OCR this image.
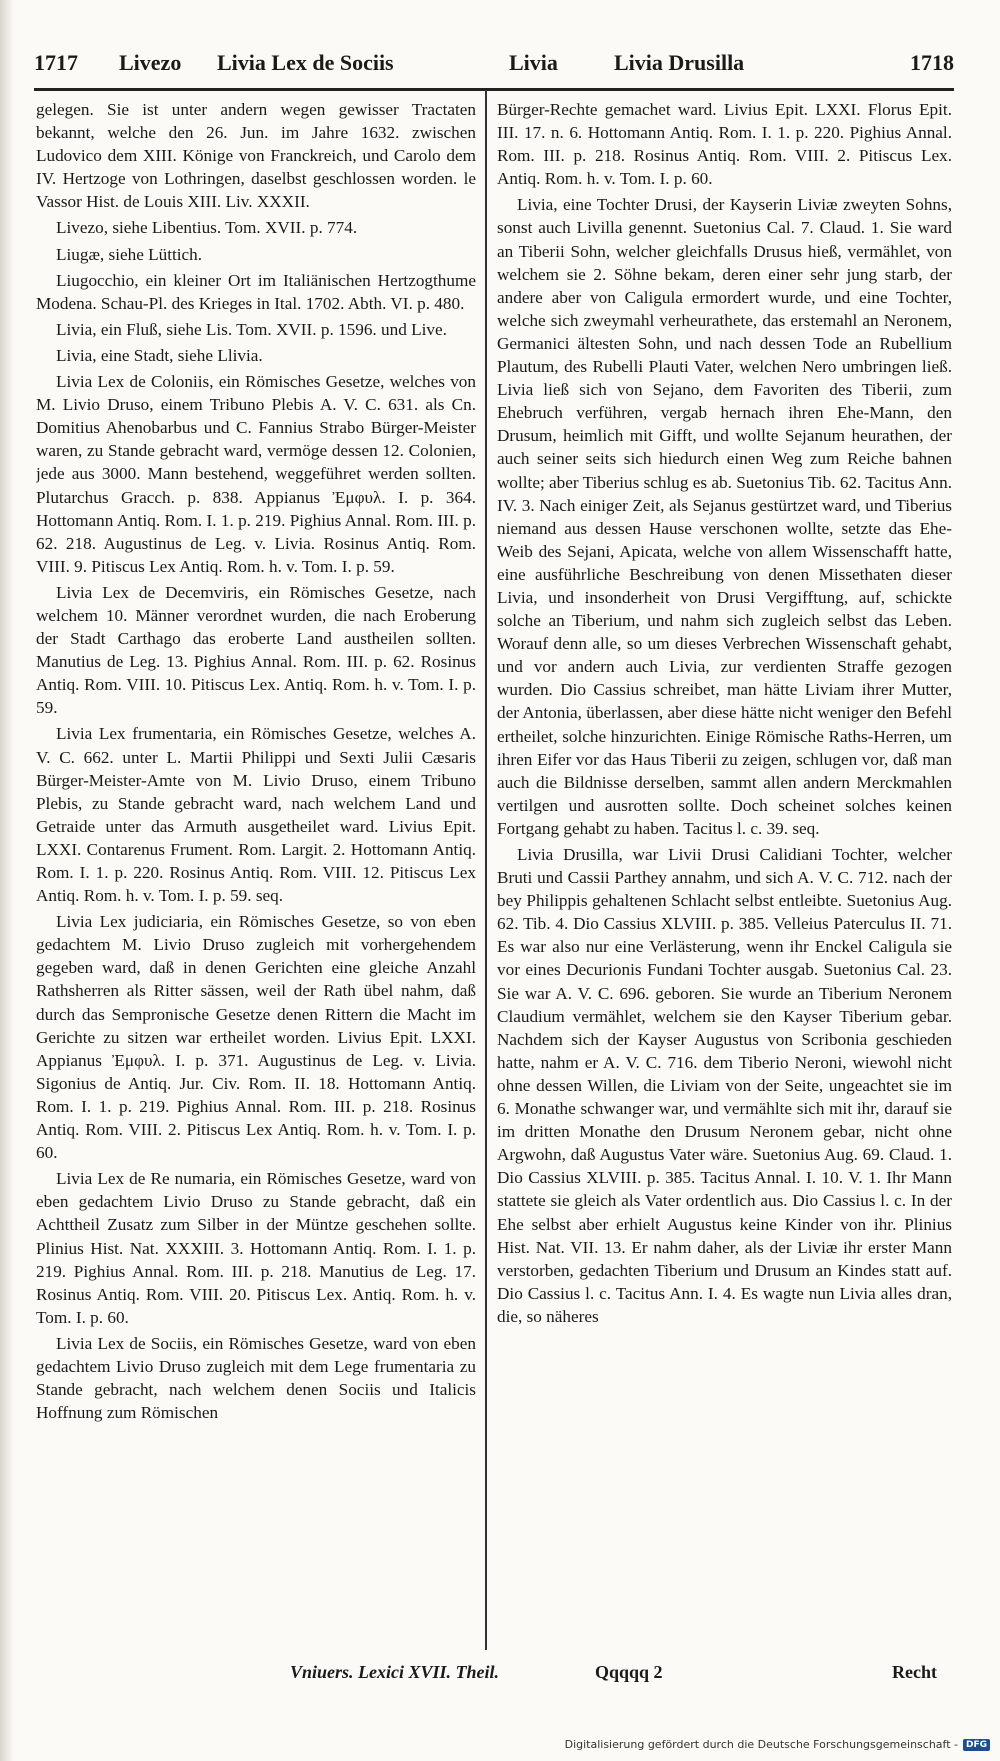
1717 Livezo Livia Lex de Sociis	Livia	Livia Drusilla	1718

gelegen. Sie ist unter andern wegen gewisser Tractaten bekannt, welche den 26. Jun. im Jahre 1632. zwischen Ludovico dem XIII. Könige von Franckreich, und Carolo dem IV. Hertzoge von Lothringen, daselbst geschlossen worden. le Vassor Hist. de Louis XIII. Liv. XXXII.

Livezo, siehe Libentius. Tom. XVII. p. 774.

Liugæ, siehe Lüttich.

Liugocchio, ein kleiner Ort im Italiänischen Hertzogthume Modena. Schau-Pl. des Krieges in Ital. 1702. Abth. VI. p. 480.

Livia, ein Fluß, siehe Lis. Tom. XVII. p. 1596. und Live.

Livia, eine Stadt, siehe Llivia.

Livia Lex de Coloniis, ein Römisches Gesetze, welches von M. Livio Druso, einem Tribuno Plebis A. V. C. 631. als Cn. Domitius Ahenobarbus und C. Fannius Strabo Bürger-Meister waren, zu Stande gebracht ward, vermöge dessen 12. Colonien, jede aus 3000. Mann bestehend, weggeführet werden sollten. Plutarchus Gracch. p. 838. Appianus Ἐμφυλ. I. p. 364. Hottomann Antiq. Rom. I. 1. p. 219. Pighius Annal. Rom. III. p. 62. 218. Augustinus de Leg. v. Livia. Rosinus Antiq. Rom. VIII. 9. Pitiscus Lex Antiq. Rom. h. v. Tom. I. p. 59.

Livia Lex de Decemviris, ein Römisches Gesetze, nach welchem 10. Männer verordnet wurden, die nach Eroberung der Stadt Carthago das eroberte Land austheilen sollten. Manutius de Leg. 13. Pighius Annal. Rom. III. p. 62. Rosinus Antiq. Rom. VIII. 10. Pitiscus Lex. Antiq. Rom. h. v. Tom. I. p. 59.

Livia Lex frumentaria, ein Römisches Gesetze, welches A. V. C. 662. unter L. Martii Philippi und Sexti Julii Cæsaris Bürger-Meister-Amte von M. Livio Druso, einem Tribuno Plebis, zu Stande gebracht ward, nach welchem Land und Getraide unter das Armuth ausgetheilet ward. Livius Epit. LXXI. Contarenus Frument. Rom. Largit. 2. Hottomann Antiq. Rom. I. 1. p. 220. Rosinus Antiq. Rom. VIII. 12. Pitiscus Lex Antiq. Rom. h. v. Tom. I. p. 59. seq.

Livia Lex judiciaria, ein Römisches Gesetze, so von eben gedachtem M. Livio Druso zugleich mit vorhergehendem gegeben ward, daß in denen Gerichten eine gleiche Anzahl Rathsherren als Ritter sässen, weil der Rath übel nahm, daß durch das Sempronische Gesetze denen Rittern die Macht im Gerichte zu sitzen war ertheilet worden. Livius Epit. LXXI. Appianus Ἐμφυλ. I. p. 371. Augustinus de Leg. v. Livia. Sigonius de Antiq. Jur. Civ. Rom. II. 18. Hottomann Antiq. Rom. I. 1. p. 219. Pighius Annal. Rom. III. p. 218. Rosinus Antiq. Rom. VIII. 2. Pitiscus Lex Antiq. Rom. h. v. Tom. I. p. 60.

Livia Lex de Re numaria, ein Römisches Gesetze, ward von eben gedachtem Livio Druso zu Stande gebracht, daß ein Achttheil Zusatz zum Silber in der Müntze geschehen sollte. Plinius Hist. Nat. XXXIII. 3. Hottomann Antiq. Rom. I. 1. p. 219. Pighius Annal. Rom. III. p. 218. Manutius de Leg. 17. Rosinus Antiq. Rom. VIII. 20. Pitiscus Lex. Antiq. Rom. h. v. Tom. I. p. 60.

Livia Lex de Sociis, ein Römisches Gesetze, ward von eben gedachtem Livio Druso zugleich mit dem Lege frumentaria zu Stande gebracht, nach welchem denen Sociis und Italicis Hoffnung zum Römischen

Bürger-Rechte gemachet ward. Livius Epit. LXXI. Florus Epit. III. 17. n. 6. Hottomann Antiq. Rom. I. 1. p. 220. Pighius Annal. Rom. III. p. 218. Rosinus Antiq. Rom. VIII. 2. Pitiscus Lex. Antiq. Rom. h. v. Tom. I. p. 60.

Livia, eine Tochter Drusi, der Kayserin Liviæ zweyten Sohns, sonst auch Livilla genennt. Suetonius Cal. 7. Claud. 1. Sie ward an Tiberii Sohn, welcher gleichfalls Drusus hieß, vermählet, von welchem sie 2. Söhne bekam, deren einer sehr jung starb, der andere aber von Caligula ermordert wurde, und eine Tochter, welche sich zweymahl verheurathete, das erstemahl an Neronem, Germanici ältesten Sohn, und nach dessen Tode an Rubellium Plautum, des Rubelli Plauti Vater, welchen Nero umbringen ließ. Livia ließ sich von Sejano, dem Favoriten des Tiberii, zum Ehebruch verführen, vergab hernach ihren Ehe-Mann, den Drusum, heimlich mit Gifft, und wollte Sejanum heurathen, der auch seiner seits sich hiedurch einen Weg zum Reiche bahnen wollte; aber Tiberius schlug es ab. Suetonius Tib. 62. Tacitus Ann. IV. 3. Nach einiger Zeit, als Sejanus gestürtzet ward, und Tiberius niemand aus dessen Hause verschonen wollte, setzte das Ehe-Weib des Sejani, Apicata, welche von allem Wissenschafft hatte, eine ausführliche Beschreibung von denen Missethaten dieser Livia, und insonderheit von Drusi Vergifftung, auf, schickte solche an Tiberium, und nahm sich zugleich selbst das Leben. Worauf denn alle, so um dieses Verbrechen Wissenschaft gehabt, und vor andern auch Livia, zur verdienten Straffe gezogen wurden. Dio Cassius schreibet, man hätte Liviam ihrer Mutter, der Antonia, überlassen, aber diese hätte nicht weniger den Befehl ertheilet, solche hinzurichten. Einige Römische Raths-Herren, um ihren Eifer vor das Haus Tiberii zu zeigen, schlugen vor, daß man auch die Bildnisse derselben, sammt allen andern Merckmahlen vertilgen und ausrotten sollte. Doch scheinet solches keinen Fortgang gehabt zu haben. Tacitus l. c. 39. seq.

Livia Drusilla, war Livii Drusi Calidiani Tochter, welcher Bruti und Cassii Parthey annahm, und sich A. V. C. 712. nach der bey Philippis gehaltenen Schlacht selbst entleibte. Suetonius Aug. 62. Tib. 4. Dio Cassius XLVIII. p. 385. Velleius Paterculus II. 71. Es war also nur eine Verlästerung, wenn ihr Enckel Caligula sie vor eines Decurionis Fundani Tochter ausgab. Suetonius Cal. 23. Sie war A. V. C. 696. geboren. Sie wurde an Tiberium Neronem Claudium vermählet, welchem sie den Kayser Tiberium gebar. Nachdem sich der Kayser Augustus von Scribonia geschieden hatte, nahm er A. V. C. 716. dem Tiberio Neroni, wiewohl nicht ohne dessen Willen, die Liviam von der Seite, ungeachtet sie im 6. Monathe schwanger war, und vermählte sich mit ihr, darauf sie im dritten Monathe den Drusum Neronem gebar, nicht ohne Argwohn, daß Augustus Vater wäre. Suetonius Aug. 69. Claud. 1. Dio Cassius XLVIII. p. 385. Tacitus Annal. I. 10. V. 1. Ihr Mann stattete sie gleich als Vater ordentlich aus. Dio Cassius l. c. In der Ehe selbst aber erhielt Augustus keine Kinder von ihr. Plinius Hist. Nat. VII. 13. Er nahm daher, als der Liviæ ihr erster Mann verstorben, gedachten Tiberium und Drusum an Kindes statt auf. Dio Cassius l. c. Tacitus Ann. I. 4. Es wagte nun Livia alles dran, die, so näheres

Vniuers. Lexici XVII. Theil.	Qqqqq 2	Recht
Digitalisierung gefördert durch die Deutsche Forschungsgemeinschaft - DFG
